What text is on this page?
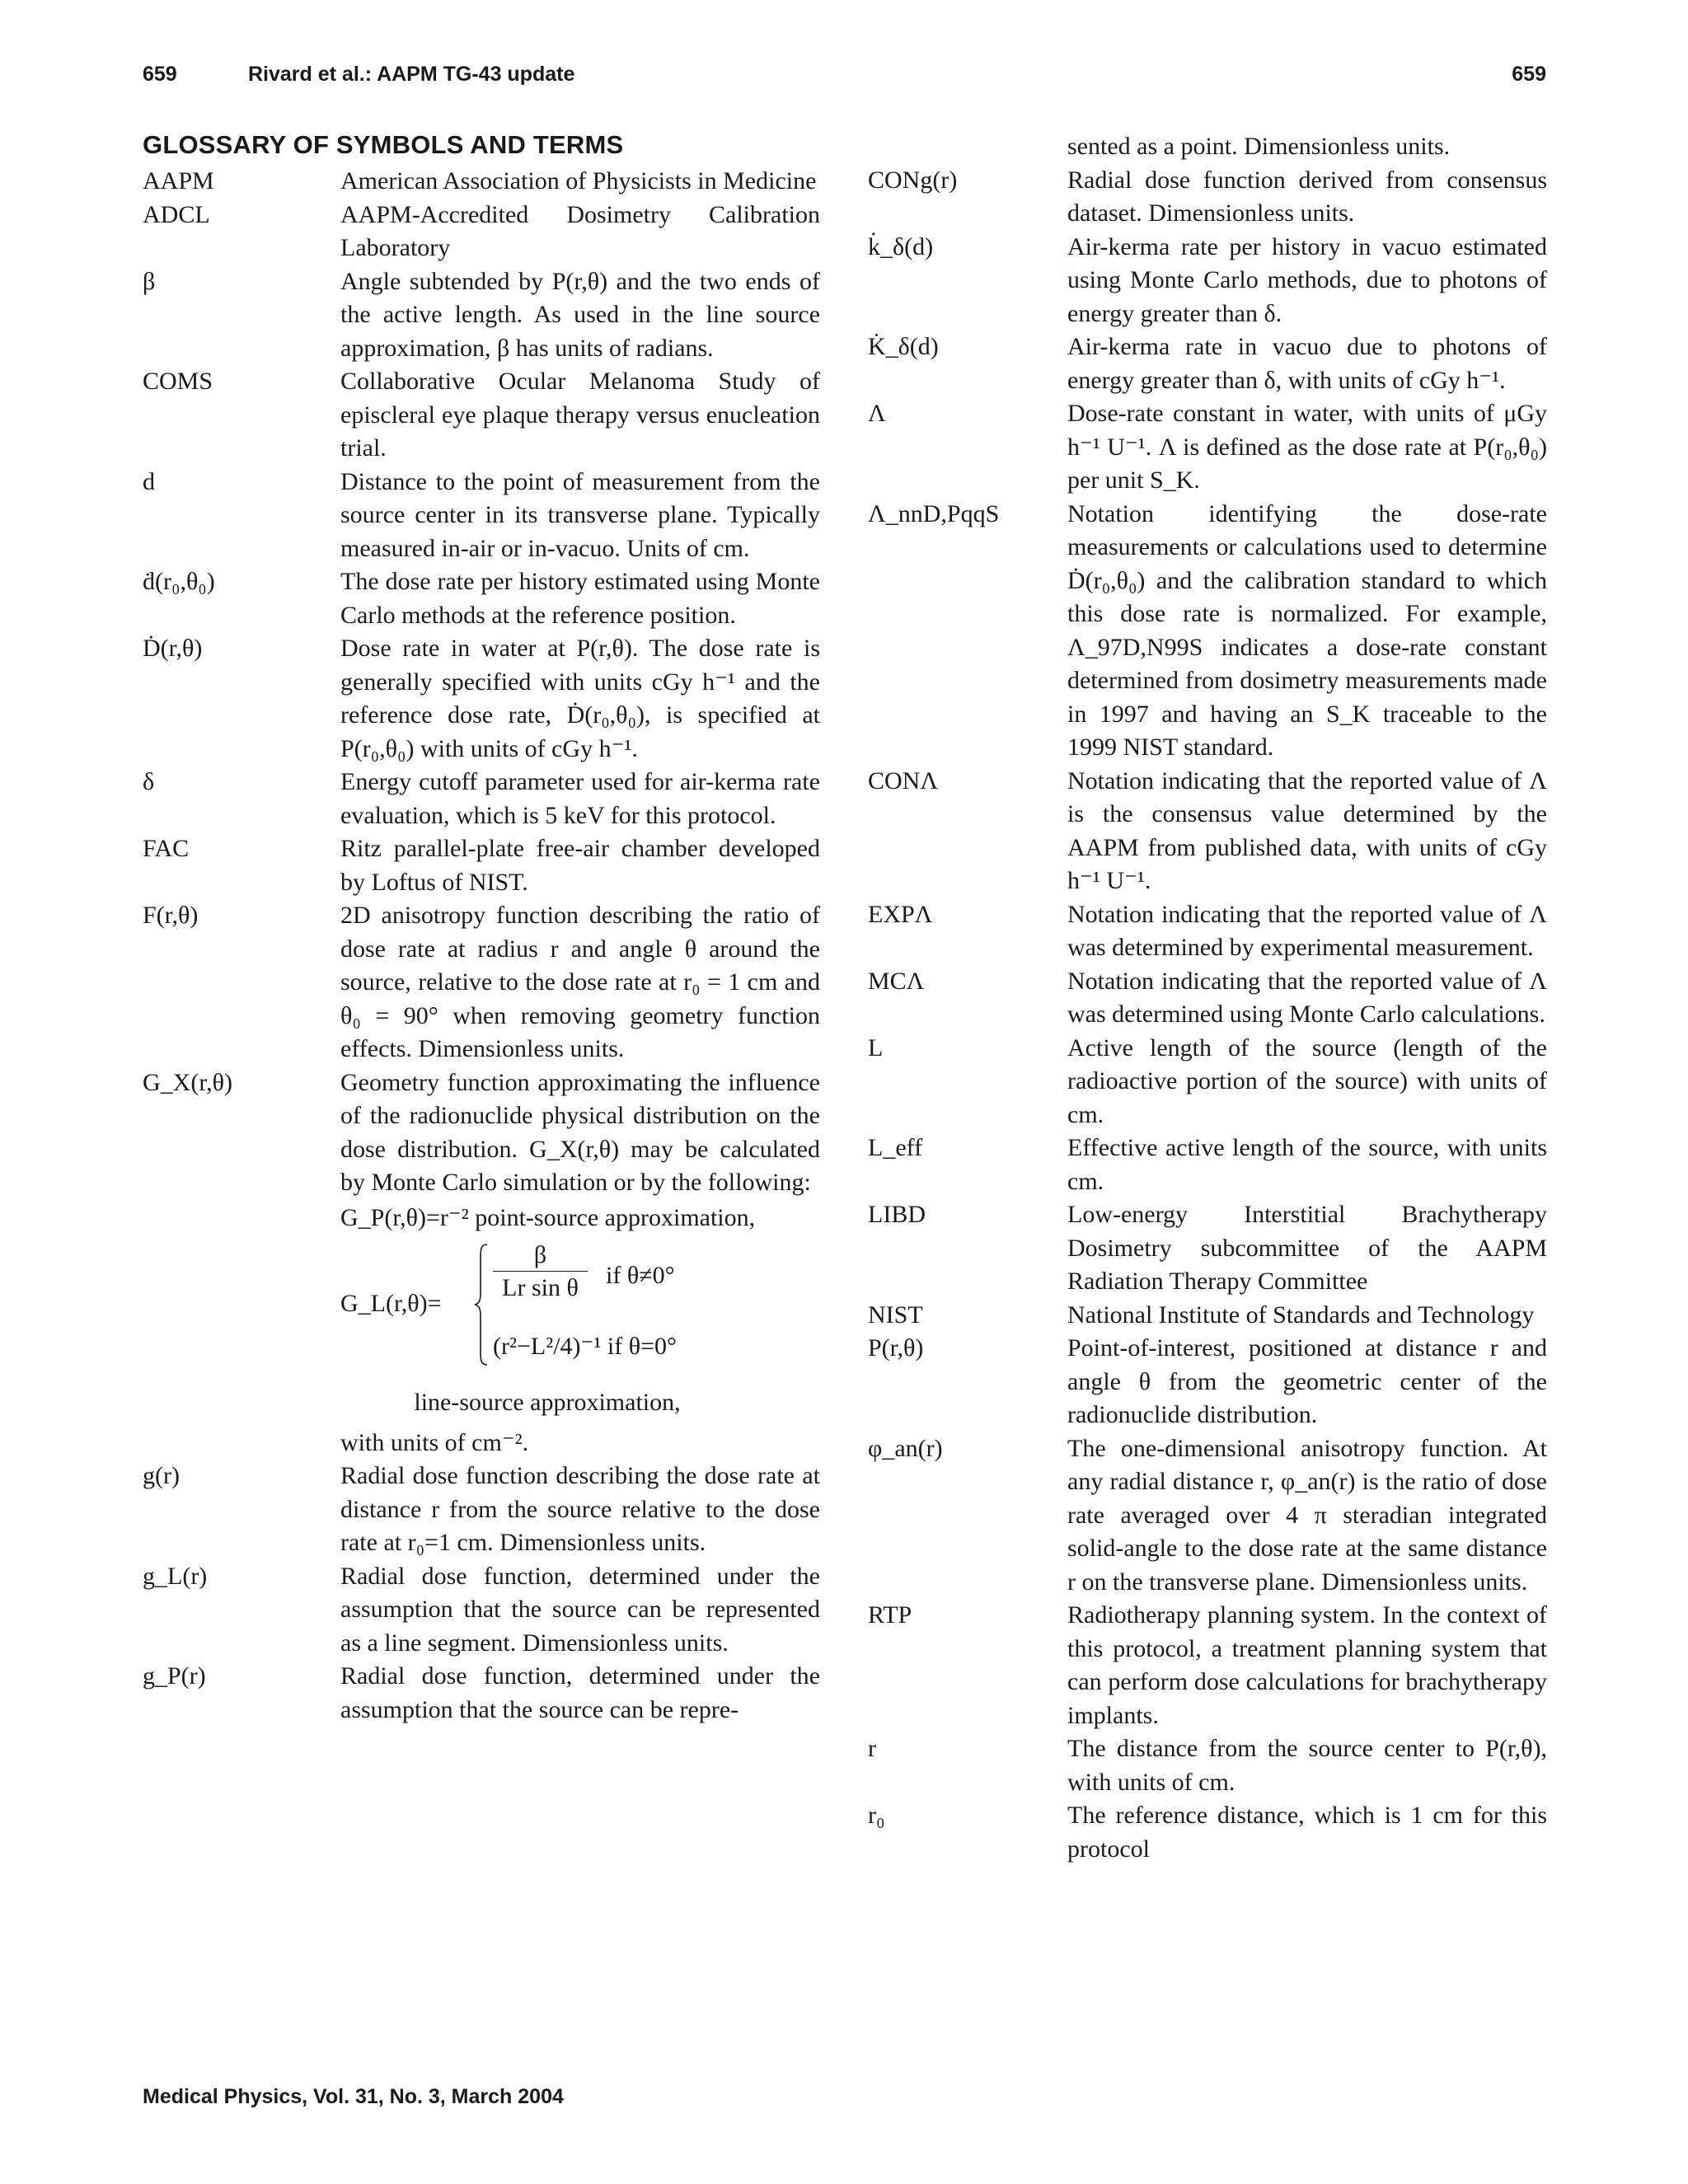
659	Rivard et al.: AAPM TG-43 update	659
GLOSSARY OF SYMBOLS AND TERMS
AAPM	American Association of Physicists in Medicine
ADCL	AAPM-Accredited Dosimetry Calibration Laboratory
β	Angle subtended by P(r,θ) and the two ends of the active length. As used in the line source approximation, β has units of radians.
COMS	Collaborative Ocular Melanoma Study of episcleral eye plaque therapy versus enucleation trial.
d	Distance to the point of measurement from the source center in its transverse plane. Typically measured in-air or in-vacuo. Units of cm.
ḋ(r₀,θ₀)	The dose rate per history estimated using Monte Carlo methods at the reference position.
Ḋ(r,θ)	Dose rate in water at P(r,θ). The dose rate is generally specified with units cGy h⁻¹ and the reference dose rate, Ḋ(r₀,θ₀), is specified at P(r₀,θ₀) with units of cGy h⁻¹.
δ	Energy cutoff parameter used for air-kerma rate evaluation, which is 5 keV for this protocol.
FAC	Ritz parallel-plate free-air chamber developed by Loftus of NIST.
F(r,θ)	2D anisotropy function describing the ratio of dose rate at radius r and angle θ around the source, relative to the dose rate at r₀ = 1 cm and θ₀ = 90° when removing geometry function effects. Dimensionless units.
G_X(r,θ)	Geometry function approximating the influence of the radionuclide physical distribution on the dose distribution. G_X(r,θ) may be calculated by Monte Carlo simulation or by the following:
G_P(r,θ)=r⁻² point-source approximation,
G_L(r,θ)= $\frac{\beta}{\text{Lr sin θ}}$ if θ≠0°
(r²−L²/4)⁻¹ if θ=0°
line-source approximation,
with units of cm⁻².
g(r)	Radial dose function describing the dose rate at distance r from the source relative to the dose rate at r₀=1 cm. Dimensionless units.
g_L(r)	Radial dose function, determined under the assumption that the source can be represented as a line segment. Dimensionless units.
g_P(r)	Radial dose function, determined under the assumption that the source can be repre-
sented as a point. Dimensionless units.
CONg(r)	Radial dose function derived from consensus dataset. Dimensionless units.
k̇_δ(d)	Air-kerma rate per history in vacuo estimated using Monte Carlo methods, due to photons of energy greater than δ.
K̇_δ(d)	Air-kerma rate in vacuo due to photons of energy greater than δ, with units of cGy h⁻¹.
Λ	Dose-rate constant in water, with units of μGy h⁻¹ U⁻¹. Λ is defined as the dose rate at P(r₀,θ₀) per unit S_K.
Λ_nnD,PqqS	Notation identifying the dose-rate measurements or calculations used to determine Ḋ(r₀,θ₀) and the calibration standard to which this dose rate is normalized. For example, Λ_97D,N99S indicates a dose-rate constant determined from dosimetry measurements made in 1997 and having an S_K traceable to the 1999 NIST standard.
CONΛ	Notation indicating that the reported value of Λ is the consensus value determined by the AAPM from published data, with units of cGy h⁻¹ U⁻¹.
EXPΛ	Notation indicating that the reported value of Λ was determined by experimental measurement.
MCΛ	Notation indicating that the reported value of Λ was determined using Monte Carlo calculations.
L	Active length of the source (length of the radioactive portion of the source) with units of cm.
L_eff	Effective active length of the source, with units cm.
LIBD	Low-energy Interstitial Brachytherapy Dosimetry subcommittee of the AAPM Radiation Therapy Committee
NIST	National Institute of Standards and Technology
P(r,θ)	Point-of-interest, positioned at distance r and angle θ from the geometric center of the radionuclide distribution.
φ_an(r)	The one-dimensional anisotropy function. At any radial distance r, φ_an(r) is the ratio of dose rate averaged over 4 π steradian integrated solid-angle to the dose rate at the same distance r on the transverse plane. Dimensionless units.
RTP	Radiotherapy planning system. In the context of this protocol, a treatment planning system that can perform dose calculations for brachytherapy implants.
r	The distance from the source center to P(r,θ), with units of cm.
r₀	The reference distance, which is 1 cm for this protocol
Medical Physics, Vol. 31, No. 3, March 2004
